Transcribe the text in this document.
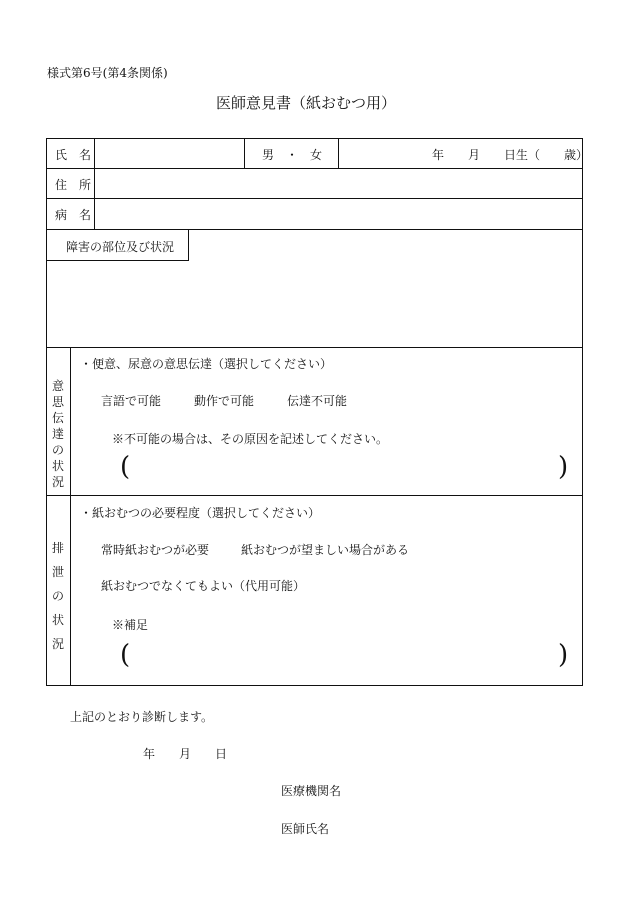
様式第6号(第4条関係)
医師意見書（紙おむつ用）
氏　名	男　・　女	年　　月　　日生（　　歳）
住　所
病　名
障害の部位及び状況
意
思
伝
達
の
状
況
・便意、尿意の意思伝達（選択してください）
言語で可能	動作で可能	伝達不可能
※不可能の場合は、その原因を記述してください。
(	)
排
泄
の
状
況
・紙おむつの必要程度（選択してください）
常時紙おむつが必要	紙おむつが望ましい場合がある
紙おむつでなくてもよい（代用可能）
※補足
(	)
上記のとおり診断します。
年　　月　　日
医療機関名
医師氏名
